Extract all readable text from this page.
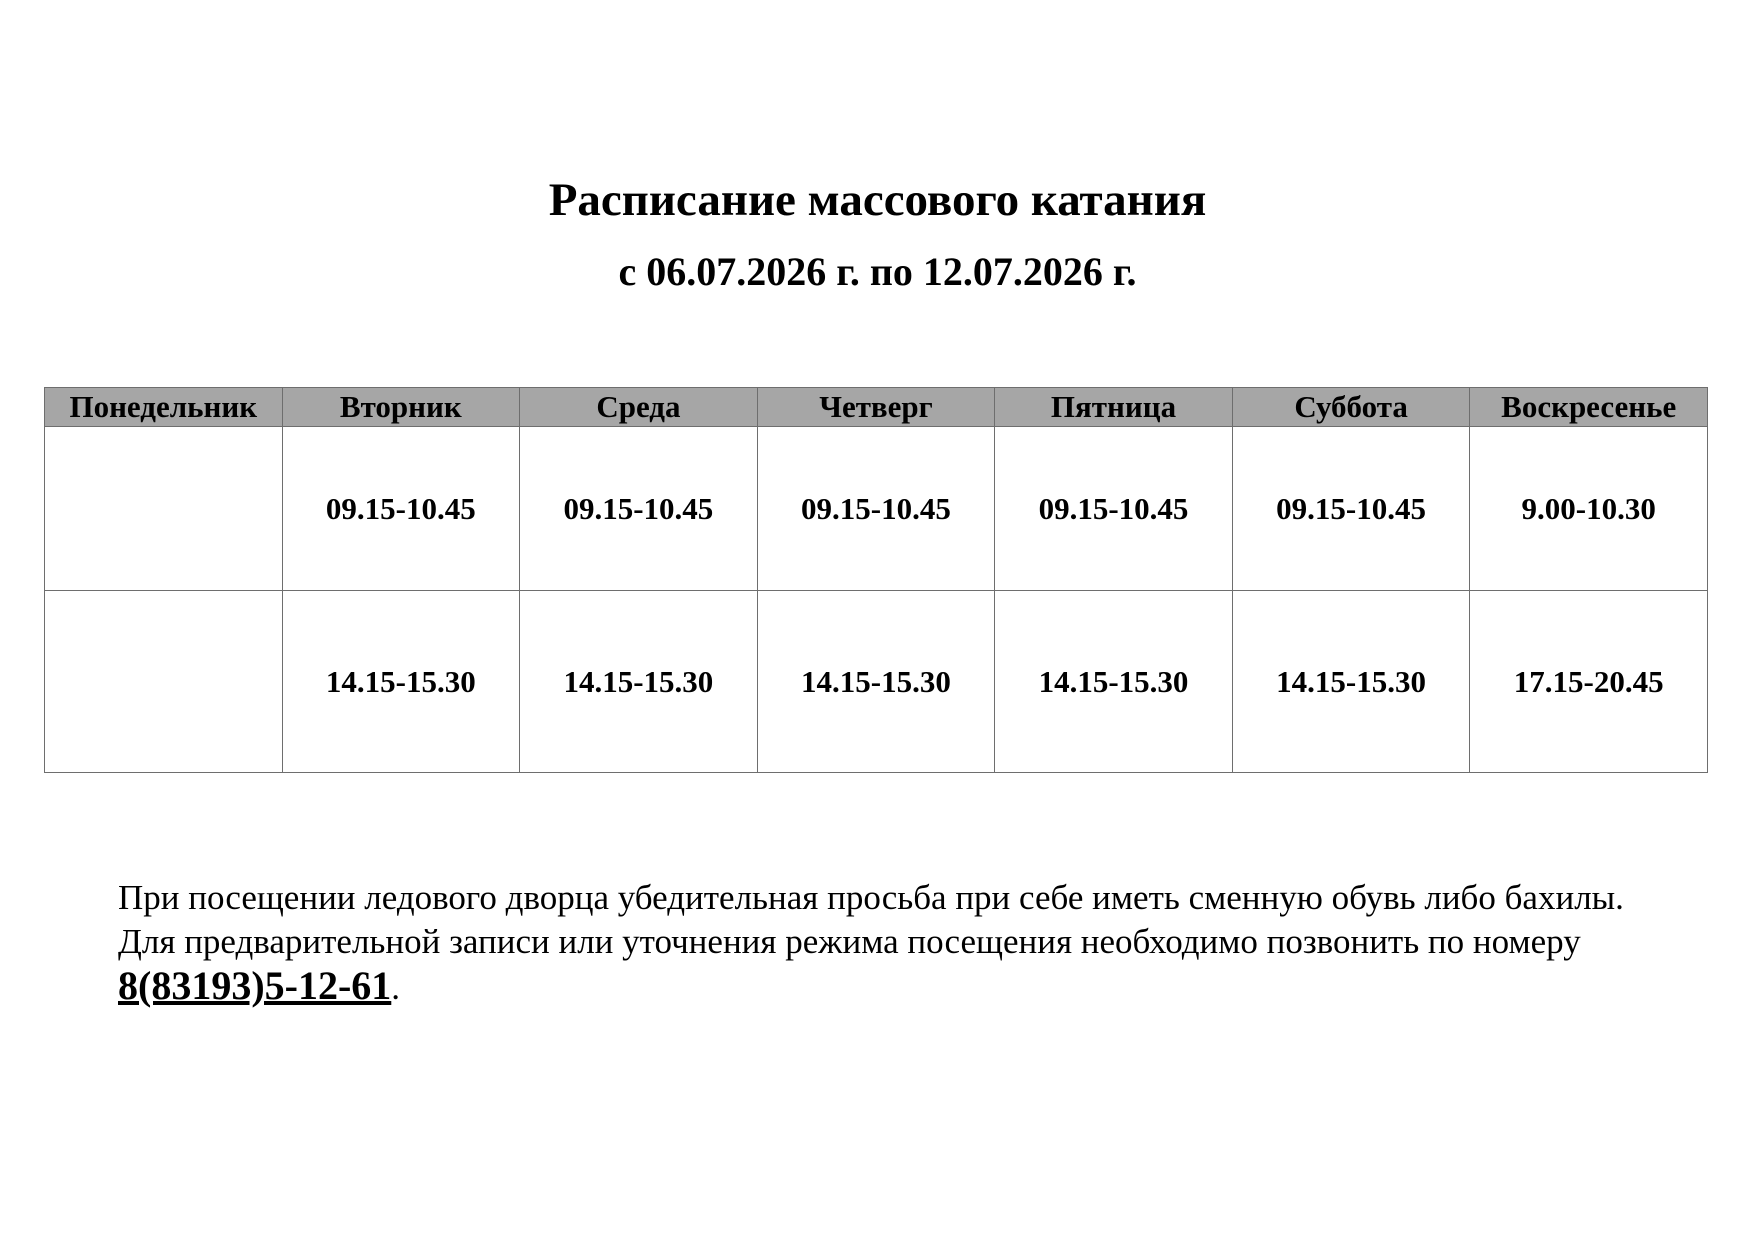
Расписание массового катания
с 06.07.2026 г. по 12.07.2026 г.
Понедельник	Вторник	Среда	Четверг	Пятница	Суббота	Воскресенье
	09.15-10.45	09.15-10.45	09.15-10.45	09.15-10.45	09.15-10.45	9.00-10.30
	14.15-15.30	14.15-15.30	14.15-15.30	14.15-15.30	14.15-15.30	17.15-20.45

При посещении ледового дворца убедительная просьба при себе иметь сменную обувь либо бахилы.

Для предварительной записи или уточнения режима посещения необходимо позвонить по номеру 8(83193)5-12-61.
